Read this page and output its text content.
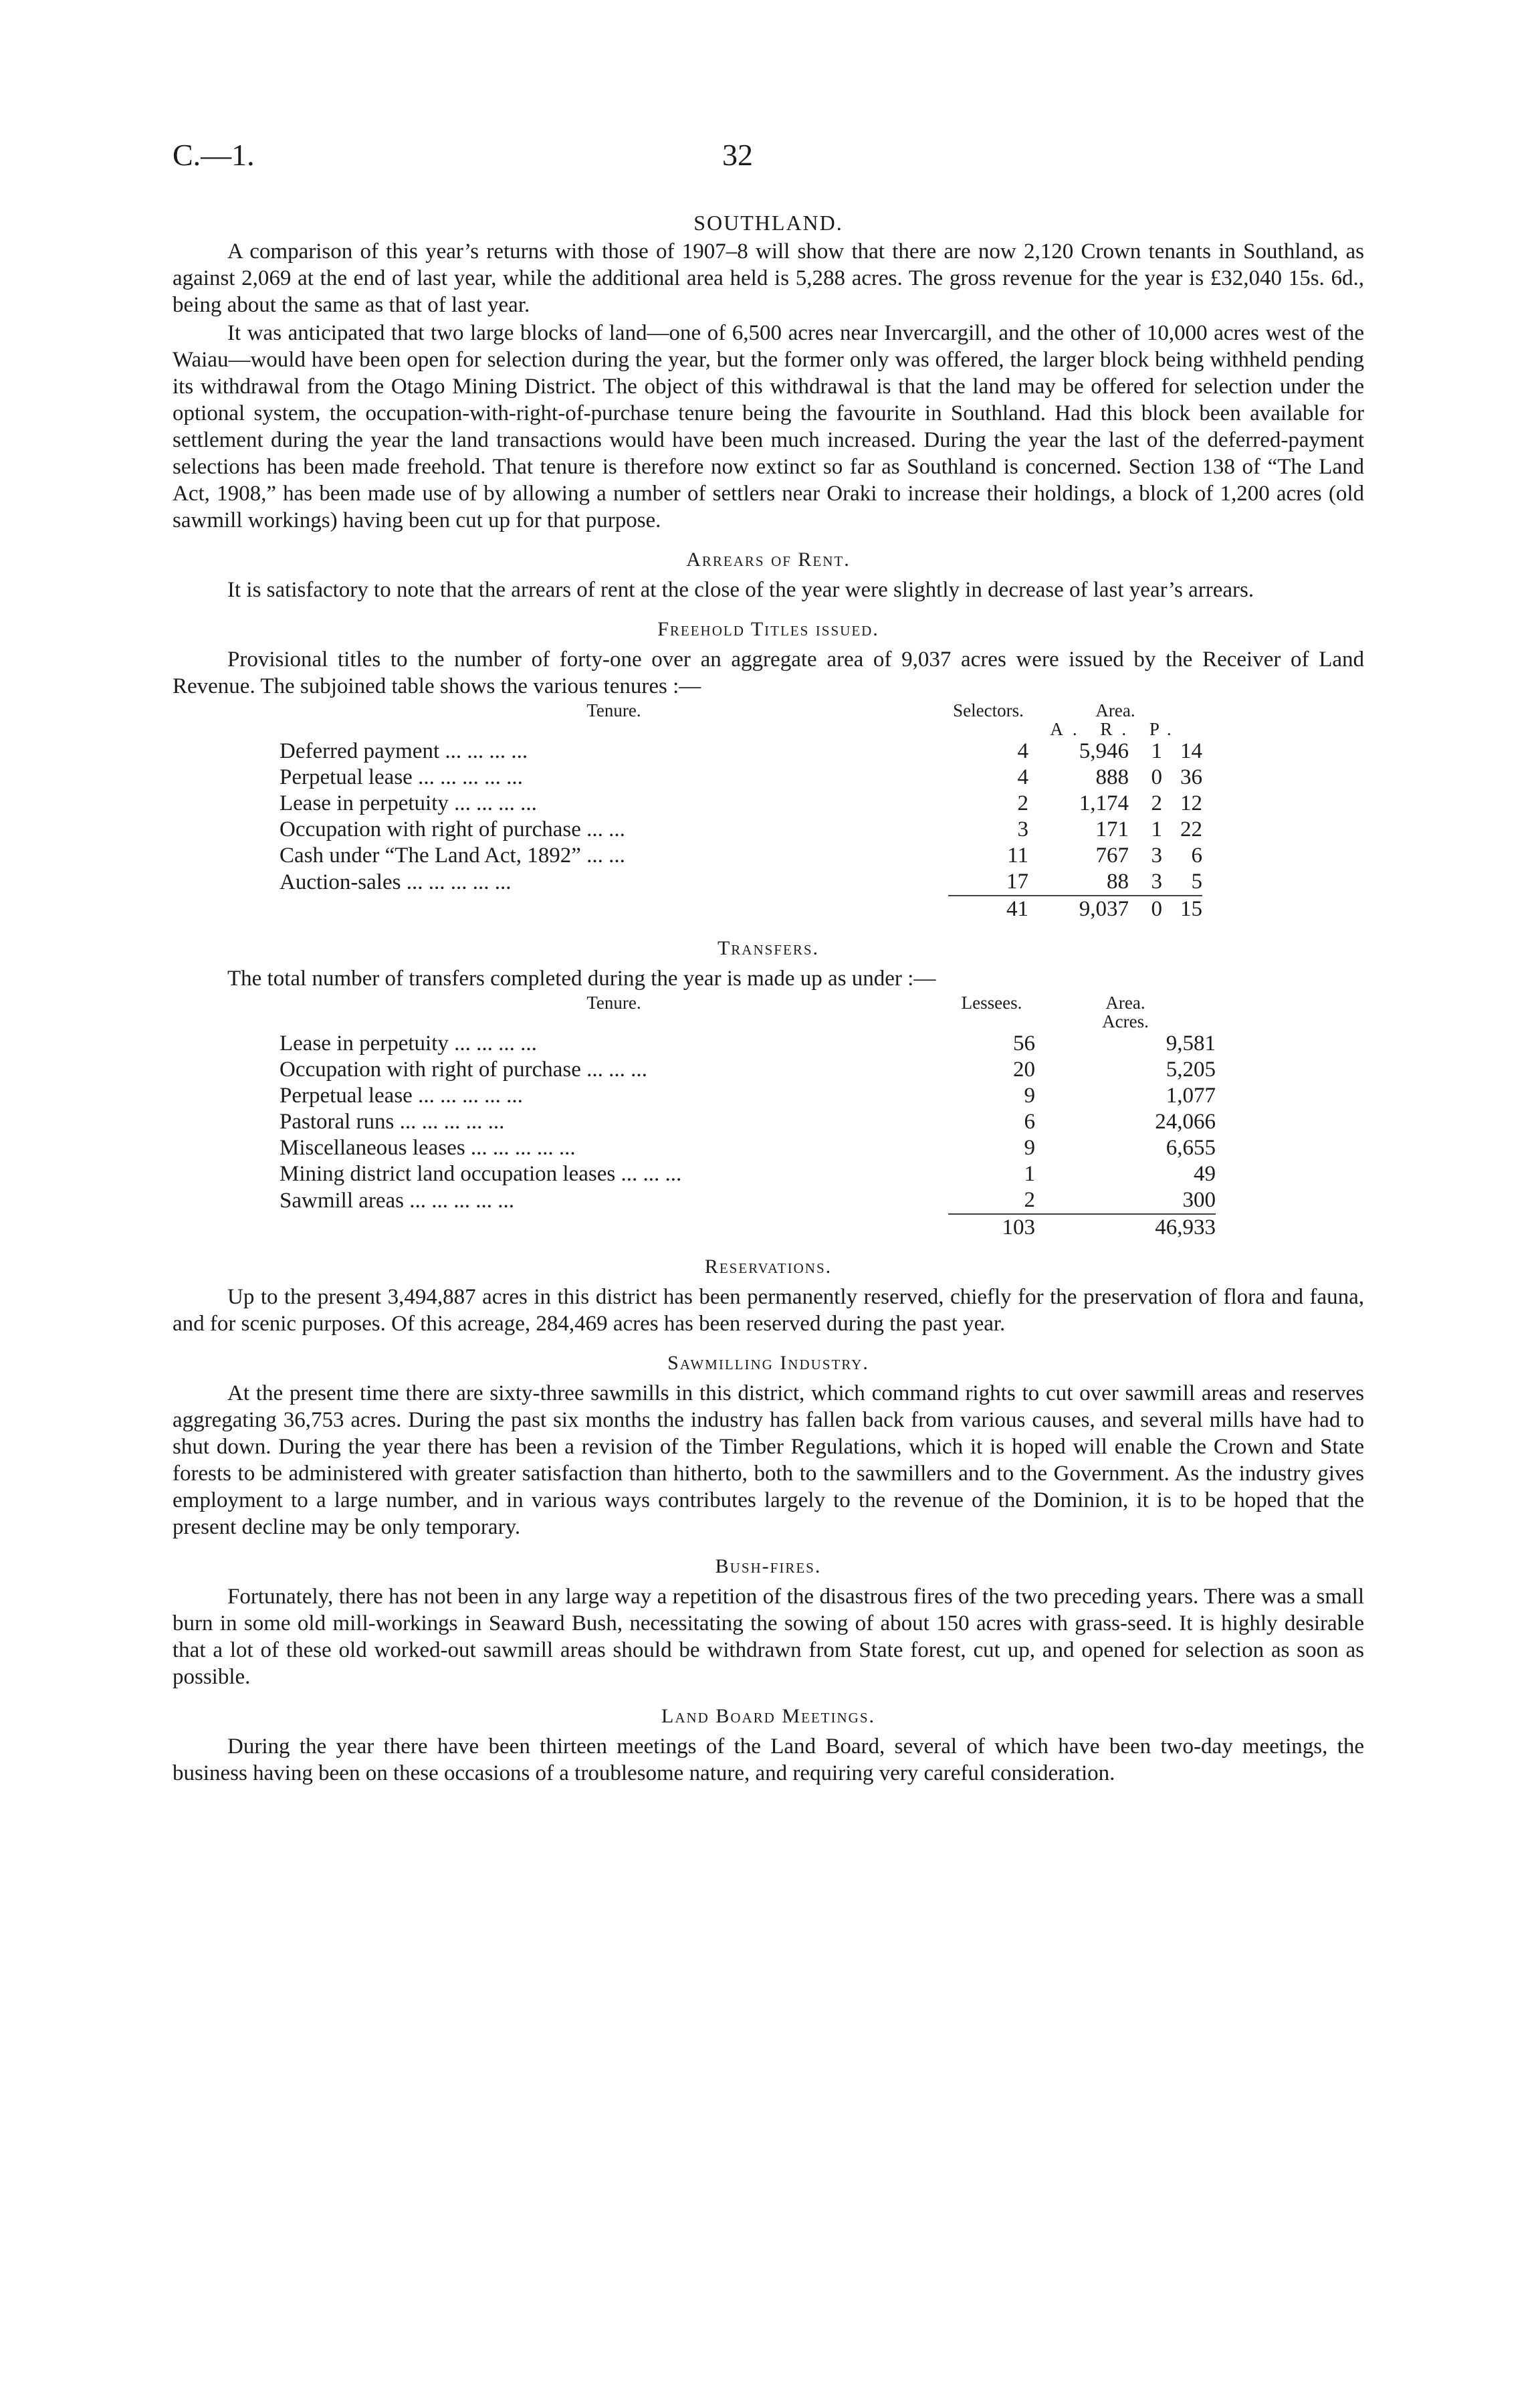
C.—1.	32
SOUTHLAND.

A comparison of this year’s returns with those of 1907–8 will show that there are now 2,120 Crown tenants in Southland, as against 2,069 at the end of last year, while the additional area held is 5,288 acres. The gross revenue for the year is £32,040 15s. 6d., being about the same as that of last year.

It was anticipated that two large blocks of land—one of 6,500 acres near Invercargill, and the other of 10,000 acres west of the Waiau—would have been open for selection during the year, but the former only was offered, the larger block being withheld pending its withdrawal from the Otago Mining District. The object of this withdrawal is that the land may be offered for selection under the optional system, the occupation-with-right-of-purchase tenure being the favourite in Southland. Had this block been available for settlement during the year the land transactions would have been much increased. During the year the last of the deferred-payment selections has been made freehold. That tenure is therefore now extinct so far as Southland is concerned. Section 138 of “The Land Act, 1908,” has been made use of by allowing a number of settlers near Oraki to increase their holdings, a block of 1,200 acres (old sawmill workings) having been cut up for that purpose.

Arrears of Rent.

It is satisfactory to note that the arrears of rent at the close of the year were slightly in decrease of last year’s arrears.

Freehold Titles issued.

Provisional titles to the number of forty-one over an aggregate area of 9,037 acres were issued by the Receiver of Land Revenue. The subjoined table shows the various tenures :—

Tenure.	Selectors.	Area.		
		A. R. P.		
Deferred payment ... ... ... ...	4	5,946	1	14
Perpetual lease ... ... ... ... ...	4	888	0	36
Lease in perpetuity ... ... ... ...	2	1,174	2	12
Occupation with right of purchase ... ...	3	171	1	22
Cash under “The Land Act, 1892” ... ...	11	767	3	6
Auction-sales ... ... ... ... ...	17	88	3	5
	41	9,037	0	15
Transfers.

The total number of transfers completed during the year is made up as under :—

Tenure.	Lessees.	Area.
		Acres.
Lease in perpetuity ... ... ... ...	56	9,581
Occupation with right of purchase ... ... ...	20	5,205
Perpetual lease ... ... ... ... ...	9	1,077
Pastoral runs ... ... ... ... ...	6	24,066
Miscellaneous leases ... ... ... ... ...	9	6,655
Mining district land occupation leases ... ... ...	1	49
Sawmill areas ... ... ... ... ...	2	300
	103	46,933
Reservations.

Up to the present 3,494,887 acres in this district has been permanently reserved, chiefly for the preservation of flora and fauna, and for scenic purposes. Of this acreage, 284,469 acres has been reserved during the past year.

Sawmilling Industry.

At the present time there are sixty-three sawmills in this district, which command rights to cut over sawmill areas and reserves aggregating 36,753 acres. During the past six months the industry has fallen back from various causes, and several mills have had to shut down. During the year there has been a revision of the Timber Regulations, which it is hoped will enable the Crown and State forests to be administered with greater satisfaction than hitherto, both to the sawmillers and to the Government. As the industry gives employment to a large number, and in various ways contributes largely to the revenue of the Dominion, it is to be hoped that the present decline may be only temporary.

Bush-fires.

Fortunately, there has not been in any large way a repetition of the disastrous fires of the two preceding years. There was a small burn in some old mill-workings in Seaward Bush, necessitating the sowing of about 150 acres with grass-seed. It is highly desirable that a lot of these old worked-out sawmill areas should be withdrawn from State forest, cut up, and opened for selection as soon as possible.

Land Board Meetings.

During the year there have been thirteen meetings of the Land Board, several of which have been two-day meetings, the business having been on these occasions of a troublesome nature, and requiring very careful consideration.
